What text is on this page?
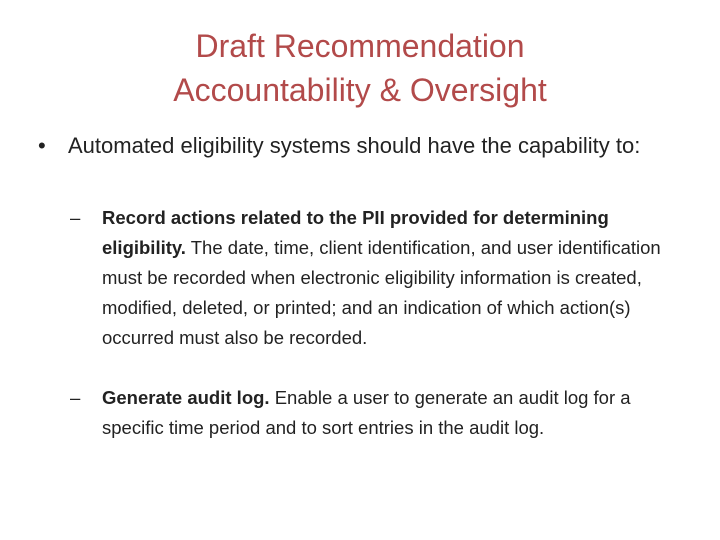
Draft Recommendation
Accountability & Oversight
•	Automated eligibility systems should have the capability to:
–	Record actions related to the PII provided for determining eligibility. The date, time, client identification, and user identification must be recorded when electronic eligibility information is created, modified, deleted, or printed; and an indication of which action(s) occurred must also be recorded.
–	Generate audit log. Enable a user to generate an audit log for a specific time period and to sort entries in the audit log.
